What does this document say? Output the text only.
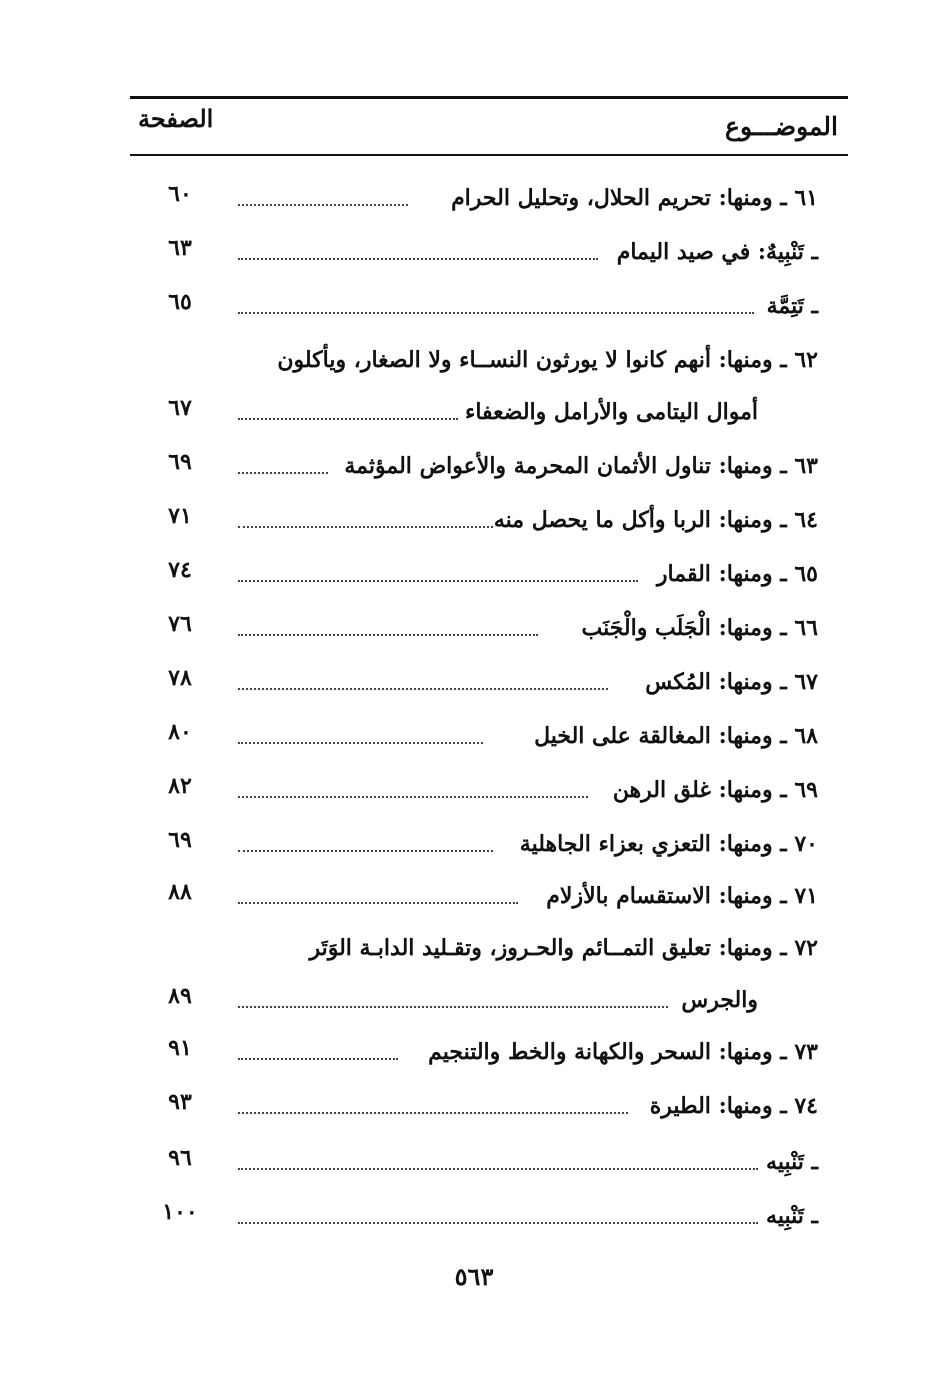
الموضـــوع
الصفحة
٦١ ـ ومنها: تحريم الحلال، وتحليل الحرام
٦٠
ـ تَنْبِيهٌ: في صيد اليمام
٦٣
ـ تَتِمَّة
٦٥
٦٢ ـ ومنها: أنهم كانوا لا يورثون النســاء ولا الصغار، ويأكلون
أموال اليتامى والأرامل والضعفاء
٦٧
٦٣ ـ ومنها: تناول الأثمان المحرمة والأعواض المؤثمة
٦٩
٦٤ ـ ومنها: الربا وأكل ما يحصل منه
٧١
٦٥ ـ ومنها: القمار
٧٤
٦٦ ـ ومنها: الْجَلَب والْجَنَب
٧٦
٦٧ ـ ومنها: المُكس
٧٨
٦٨ ـ ومنها: المغالقة على الخيل
٨٠
٦٩ ـ ومنها: غلق الرهن
٨٢
٧٠ ـ ومنها: التعزي بعزاء الجاهلية
٦٩
٧١ ـ ومنها: الاستقسام بالأزلام
٨٨
٧٢ ـ ومنها: تعليق التمــائم والحـروز، وتقـليد الدابـة الوَتَر
والجرس
٨٩
٧٣ ـ ومنها: السحر والكهانة والخط والتنجيم
٩١
٧٤ ـ ومنها: الطيرة
٩٣
ـ تَنْبِيه
٩٦
ـ تَنْبِيه
١٠٠
٥٦٣
